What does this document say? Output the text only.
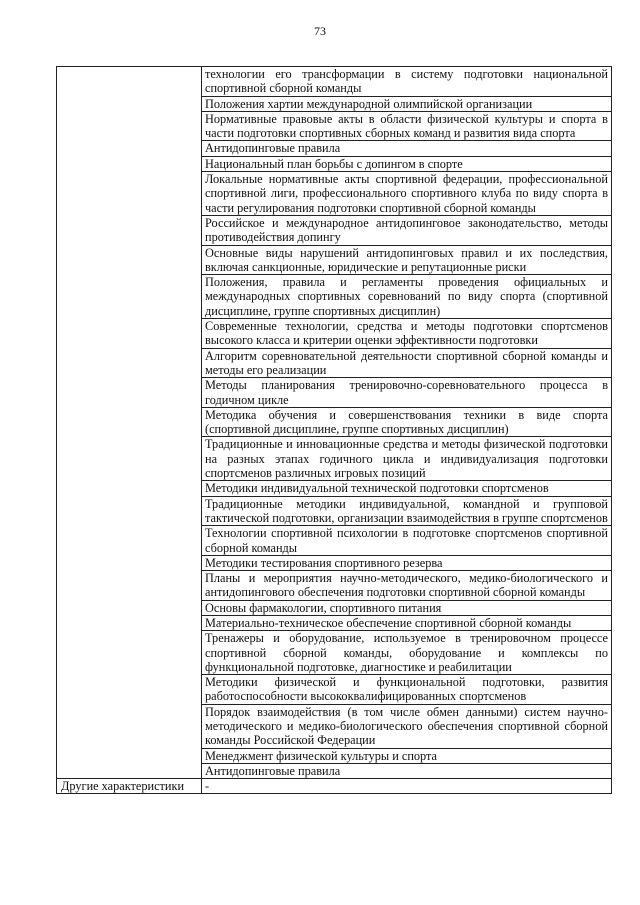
73
	технологии его трансформации в систему подготовки национальной спортивной сборной команды
	Положения хартии международной олимпийской организации
	Нормативные правовые акты в области физической культуры и спорта в части подготовки спортивных сборных команд и развития вида спорта
	Антидопинговые правила
	Национальный план борьбы с допингом в спорте
	Локальные нормативные акты спортивной федерации, профессиональной спортивной лиги, профессионального спортивного клуба по виду спорта в части регулирования подготовки спортивной сборной команды
	Российское и международное антидопинговое законодательство, методы противодействия допингу
	Основные виды нарушений антидопинговых правил и их последствия, включая санкционные, юридические и репутационные риски
	Положения, правила и регламенты проведения официальных и международных спортивных соревнований по виду спорта (спортивной дисциплине, группе спортивных дисциплин)
	Современные технологии, средства и методы подготовки спортсменов высокого класса и критерии оценки эффективности подготовки
	Алгоритм соревновательной деятельности спортивной сборной команды и методы его реализации
	Методы планирования тренировочно-соревновательного процесса в годичном цикле
	Методика обучения и совершенствования техники в виде спорта (спортивной дисциплине, группе спортивных дисциплин)
	Традиционные и инновационные средства и методы физической подготовки на разных этапах годичного цикла и индивидуализация подготовки спортсменов различных игровых позиций
	Методики индивидуальной технической подготовки спортсменов
	Традиционные методики индивидуальной, командной и групповой тактической подготовки, организации взаимодействия в группе спортсменов
	Технологии спортивной психологии в подготовке спортсменов спортивной сборной команды
	Методики тестирования спортивного резерва
	Планы и мероприятия научно-методического, медико-биологического и антидопингового обеспечения подготовки спортивной сборной команды
	Основы фармакологии, спортивного питания
	Материально-техническое обеспечение спортивной сборной команды
	Тренажеры и оборудование, используемое в тренировочном процессе спортивной сборной команды, оборудование и комплексы по функциональной подготовке, диагностике и реабилитации
	Методики физической и функциональной подготовки, развития работоспособности высококвалифицированных спортсменов
	Порядок взаимодействия (в том числе обмен данными) систем научно-методического и медико-биологического обеспечения спортивной сборной команды Российской Федерации
	Менеджмент физической культуры и спорта
	Антидопинговые правила
Другие характеристики	-
